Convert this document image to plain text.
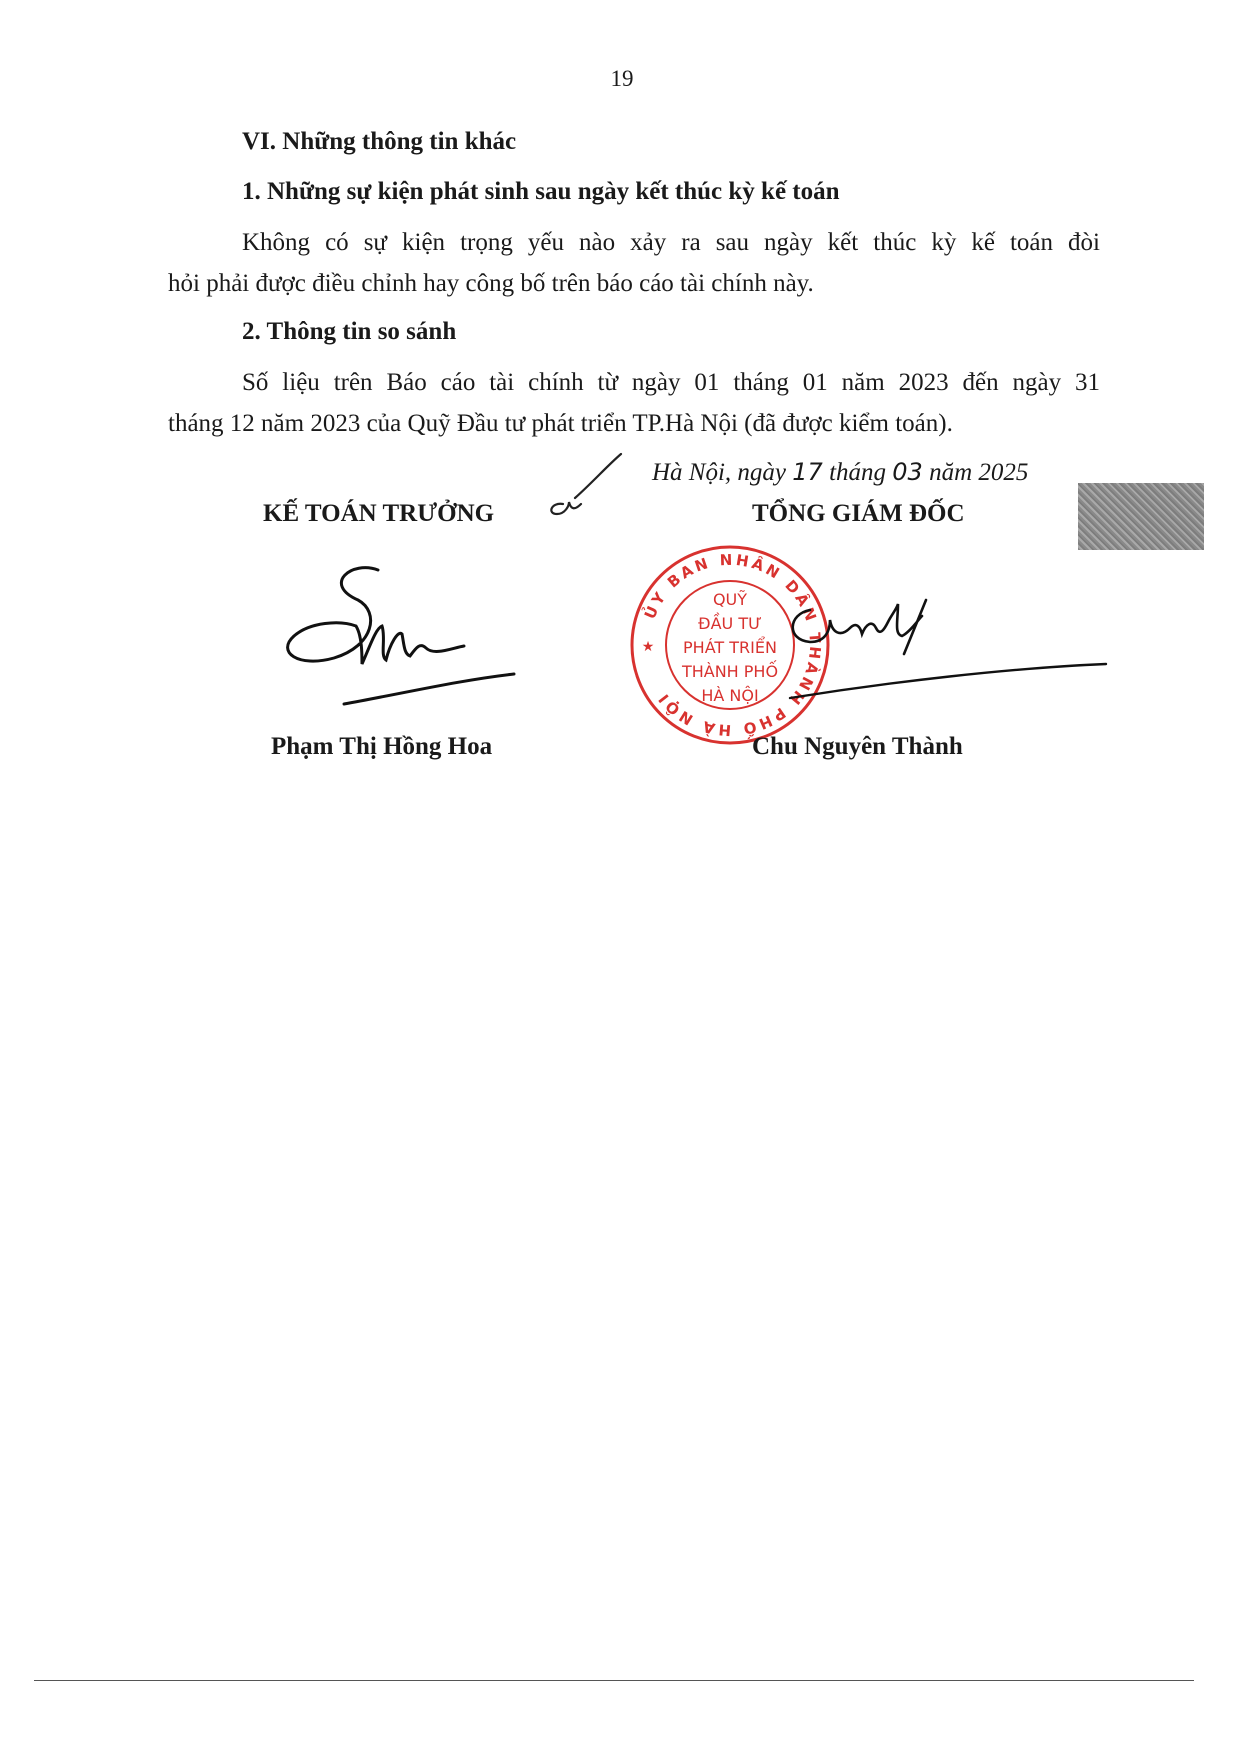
19
VI. Những thông tin khác
1. Những sự kiện phát sinh sau ngày kết thúc kỳ kế toán
Không có sự kiện trọng yếu nào xảy ra sau ngày kết thúc kỳ kế toán đòi
hỏi phải được điều chỉnh hay công bố trên báo cáo tài chính này.
2. Thông tin so sánh
Số liệu trên Báo cáo tài chính từ ngày 01 tháng 01 năm 2023 đến ngày 31
tháng 12 năm 2023 của Quỹ Đầu tư phát triển TP.Hà Nội (đã được kiểm toán).
Hà Nội, ngày 17 tháng 03 năm 2025
KẾ TOÁN TRƯỞNG	TỔNG GIÁM ĐỐC
ỦY BAN NHÂN DÂN THÀNH PHỐ HÀ NỘI
QUỸ
ĐẦU TƯ
PHÁT TRIỂN
THÀNH PHỐ
HÀ NỘI
★
Phạm Thị Hồng Hoa	Chu Nguyên Thành
